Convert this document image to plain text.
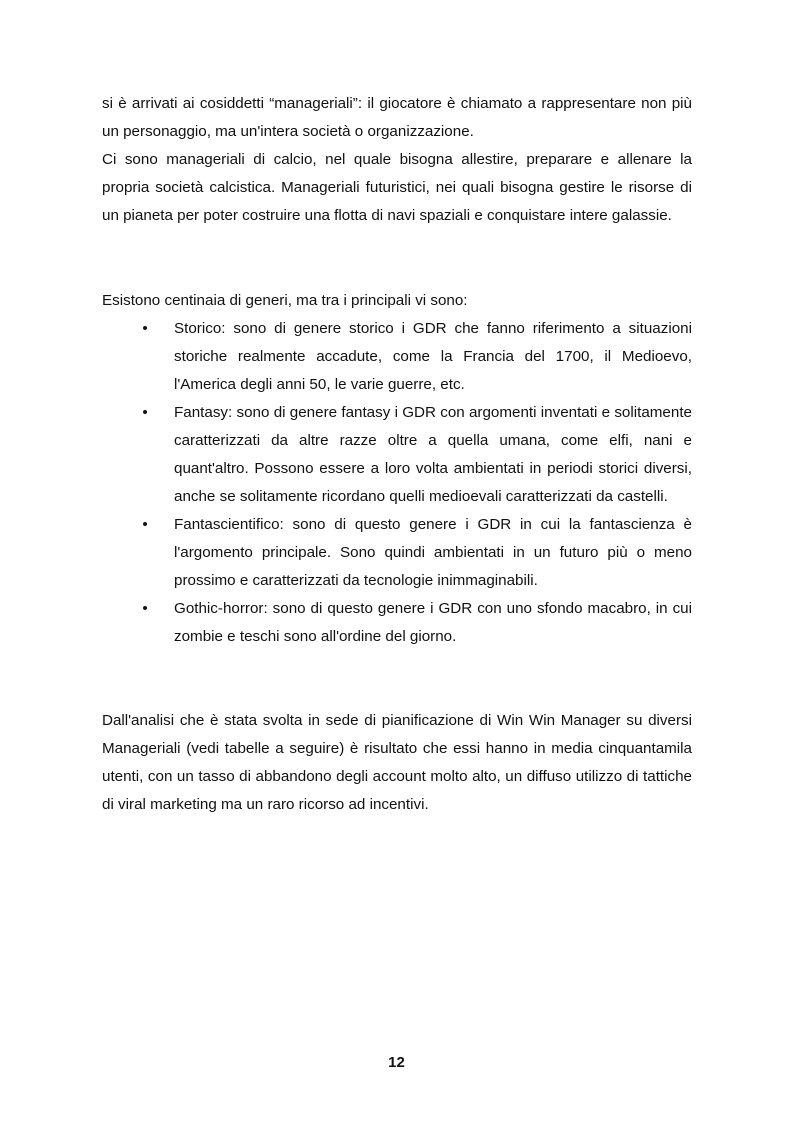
si è arrivati ai cosiddetti “manageriali”: il giocatore è chiamato a rappresentare non più un personaggio, ma un'intera società o organizzazione.

Ci sono manageriali di calcio, nel quale bisogna allestire, preparare e allenare la propria società calcistica. Manageriali futuristici, nei quali bisogna gestire le risorse di un pianeta per poter costruire una flotta di navi spaziali e conquistare intere galassie.

Esistono centinaia di generi, ma tra i principali vi sono:

• Storico: sono di genere storico i GDR che fanno riferimento a situazioni storiche realmente accadute, come la Francia del 1700, il Medioevo, l'America degli anni 50, le varie guerre, etc.
• Fantasy: sono di genere fantasy i GDR con argomenti inventati e solitamente caratterizzati da altre razze oltre a quella umana, come elfi, nani e quant'altro. Possono essere a loro volta ambientati in periodi storici diversi, anche se solitamente ricordano quelli medioevali caratterizzati da castelli.
• Fantascientifico: sono di questo genere i GDR in cui la fantascienza è l'argomento principale. Sono quindi ambientati in un futuro più o meno prossimo e caratterizzati da tecnologie inimmaginabili.
• Gothic-horror: sono di questo genere i GDR con uno sfondo macabro, in cui zombie e teschi sono all'ordine del giorno.

Dall'analisi che è stata svolta in sede di pianificazione di Win Win Manager su diversi Manageriali (vedi tabelle a seguire) è risultato che essi hanno in media cinquantamila utenti, con un tasso di abbandono degli account molto alto, un diffuso utilizzo di tattiche di viral marketing ma un raro ricorso ad incentivi.

12
